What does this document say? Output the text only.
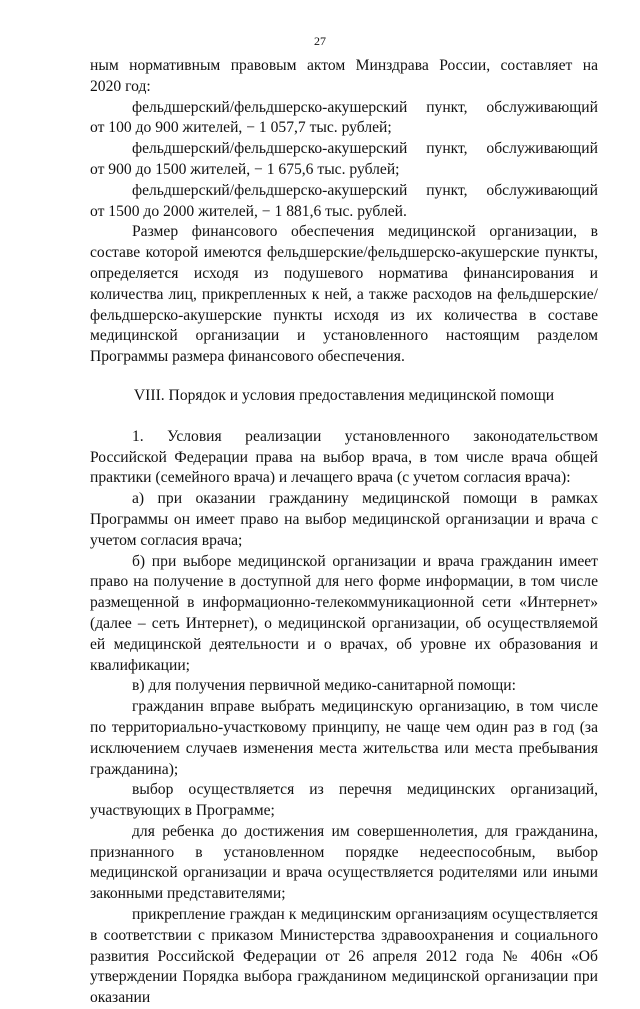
27

ным нормативным правовым актом Минздрава России, составляет на

2020 год:

фельдшерский/фельдшерско-акушерский пункт, обслуживающий
от 100 до 900 жителей, − 1 057,7 тыс. рублей;
фельдшерский/фельдшерско-акушерский пункт, обслуживающий
от 900 до 1500 жителей, − 1 675,6 тыс. рублей;
фельдшерский/фельдшерско-акушерский пункт, обслуживающий
от 1500 до 2000 жителей, − 1 881,6 тыс. рублей.

Размер финансового обеспечения медицинской организации, в составе которой имеются фельдшерские/фельдшерско-акушерские пункты, определяется исходя из подушевого норматива финансирования и количества лиц, прикрепленных к ней, а также расходов на фельдшерские/фельдшерско-акушерские пункты исходя из их количества в составе медицинской организации и установленного настоящим разделом Программы размера финансового обеспечения.

VIII. Порядок и условия предоставления медицинской помощи

1. Условия реализации установленного законодательством Российской Федерации права на выбор врача, в том числе врача общей практики (семейного врача) и лечащего врача (с учетом согласия врача):

а) при оказании гражданину медицинской помощи в рамках Программы он имеет право на выбор медицинской организации и врача с учетом согласия врача;

б) при выборе медицинской организации и врача гражданин имеет право на получение в доступной для него форме информации, в том числе размещенной в информационно-телекоммуникационной сети «Интернет» (далее – сеть Интернет), о медицинской организации, об осуществляемой ей медицинской деятельности и о врачах, об уровне их образования и квалификации;

в) для получения первичной медико-санитарной помощи:

гражданин вправе выбрать медицинскую организацию, в том числе по территориально-участковому принципу, не чаще чем один раз в год (за исключением случаев изменения места жительства или места пребывания гражданина);

выбор осуществляется из перечня медицинских организаций, участвующих в Программе;

для ребенка до достижения им совершеннолетия, для гражданина, признанного в установленном порядке недееспособным, выбор медицинской организации и врача осуществляется родителями или иными законными представителями;

прикрепление граждан к медицинским организациям осуществляется в соответствии с приказом Министерства здравоохранения и социального развития Российской Федерации от 26 апреля 2012 года № 406н «Об утверждении Порядка выбора гражданином медицинской организации при оказании
